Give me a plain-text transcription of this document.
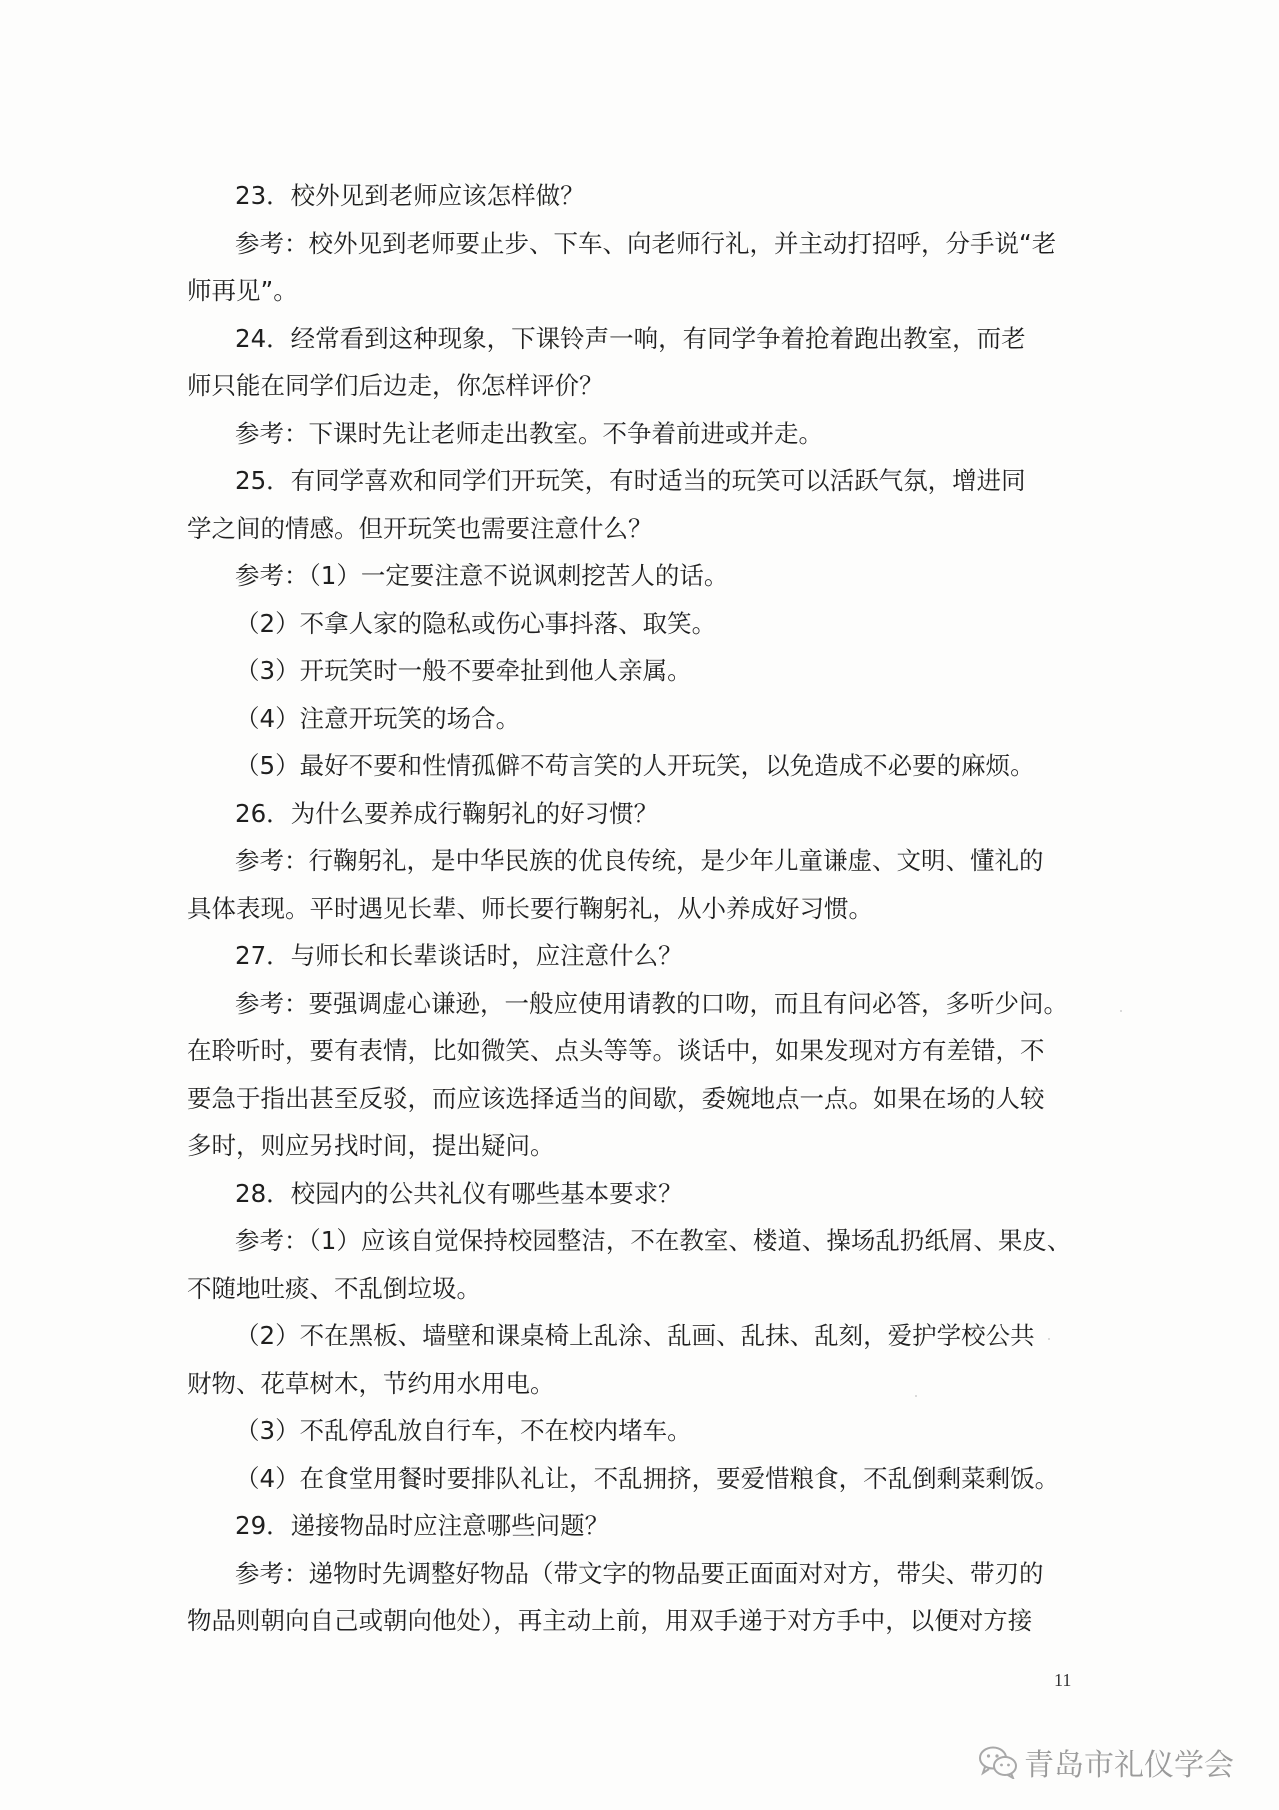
23．校外见到老师应该怎样做？
参考：校外见到老师要止步、下车、向老师行礼，并主动打招呼，分手说“老
师再见”。
24．经常看到这种现象，下课铃声一响，有同学争着抢着跑出教室，而老
师只能在同学们后边走，你怎样评价？
参考：下课时先让老师走出教室。不争着前进或并走。
25．有同学喜欢和同学们开玩笑，有时适当的玩笑可以活跃气氛，增进同
学之间的情感。但开玩笑也需要注意什么？
参考：（1）一定要注意不说讽刺挖苦人的话。
（2）不拿人家的隐私或伤心事抖落、取笑。
（3）开玩笑时一般不要牵扯到他人亲属。
（4）注意开玩笑的场合。
（5）最好不要和性情孤僻不苟言笑的人开玩笑，以免造成不必要的麻烦。
26．为什么要养成行鞠躬礼的好习惯？
参考：行鞠躬礼，是中华民族的优良传统，是少年儿童谦虚、文明、懂礼的
具体表现。平时遇见长辈、师长要行鞠躬礼，从小养成好习惯。
27．与师长和长辈谈话时，应注意什么？
参考：要强调虚心谦逊，一般应使用请教的口吻，而且有问必答，多听少问。
在聆听时，要有表情，比如微笑、点头等等。谈话中，如果发现对方有差错，不
要急于指出甚至反驳，而应该选择适当的间歇，委婉地点一点。如果在场的人较
多时，则应另找时间，提出疑问。
28．校园内的公共礼仪有哪些基本要求？
参考：（1）应该自觉保持校园整洁，不在教室、楼道、操场乱扔纸屑、果皮、
不随地吐痰、不乱倒垃圾。
（2）不在黑板、墙壁和课桌椅上乱涂、乱画、乱抹、乱刻，爱护学校公共
财物、花草树木，节约用水用电。
（3）不乱停乱放自行车，不在校内堵车。
（4）在食堂用餐时要排队礼让，不乱拥挤，要爱惜粮食，不乱倒剩菜剩饭。
29．递接物品时应注意哪些问题？
参考：递物时先调整好物品（带文字的物品要正面面对对方，带尖、带刃的
物品则朝向自己或朝向他处），再主动上前，用双手递于对方手中，以便对方接
11
青岛市礼仪学会
